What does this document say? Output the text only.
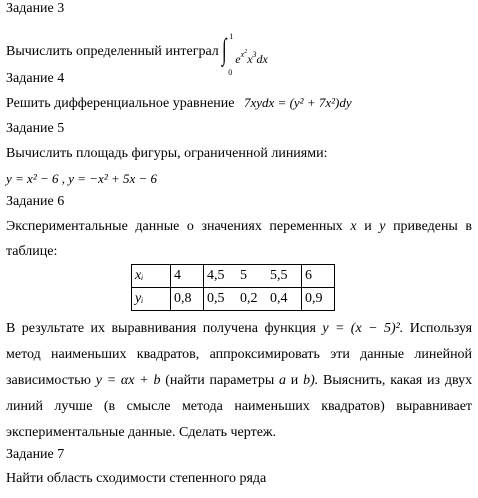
Задание 3
Вычислить определенный интеграл ∫ 1
0
$e^{x^2}x^3dx$
Задание 4
Решить дифференциальное уравнение 7xydx = (y² + 7x²)dy
Задание 5
Вычислить площадь фигуры, ограниченной линиями:
y = x² − 6 , y = −x² + 5x − 6
Задание 6
Экспериментальные данные о значениях переменных x и y приведены в
таблице:
xᵢ	4	4,5	5	5,5	6
yᵢ	0,8	0,5	0,2	0,4	0,9
В результате их выравнивания получена функция y = (x − 5)². Используя
метод наименьших квадратов, аппроксимировать эти данные линейной
зависимостью y = αx + b (найти параметры a и b). Выяснить, какая из двух
линий лучше (в смысле метода наименьших квадратов) выравнивает
экспериментальные данные. Сделать чертеж.
Задание 7
Найти область сходимости степенного ряда
